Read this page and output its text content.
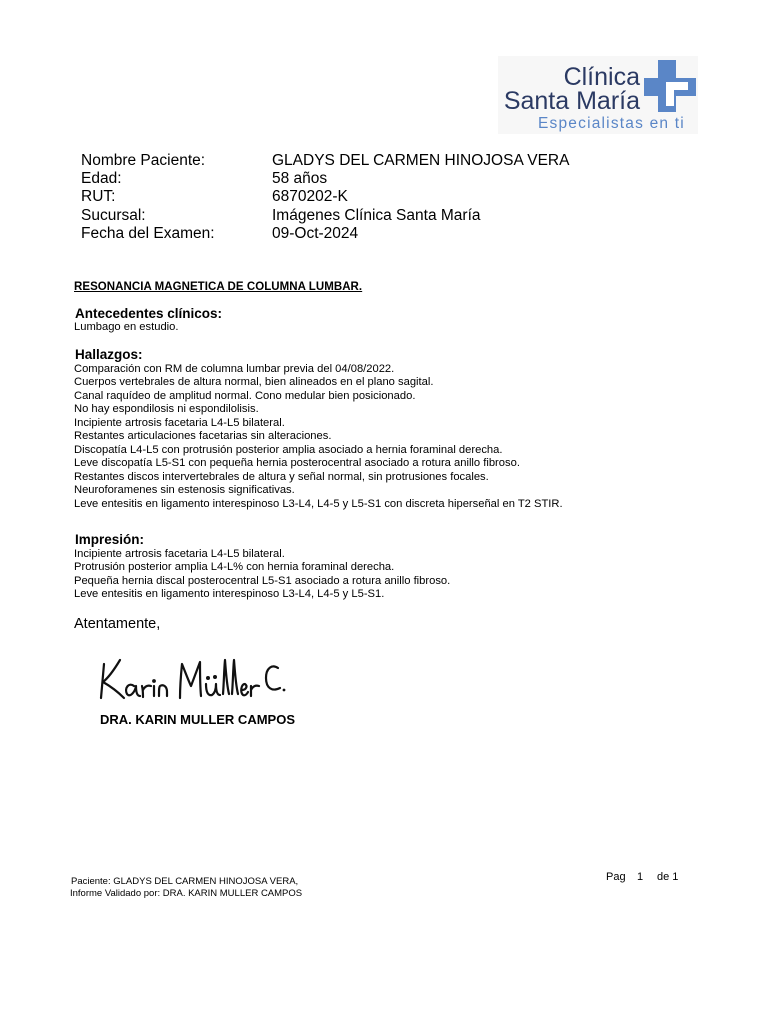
Clínica
Santa María
Especialistas en ti
Nombre Paciente:	GLADYS DEL CARMEN HINOJOSA VERA
Edad:	58 años
RUT:	6870202-K
Sucursal:	Imágenes Clínica Santa María
Fecha del Examen:	09-Oct-2024
RESONANCIA MAGNETICA DE COLUMNA LUMBAR.
Antecedentes clínicos:
Lumbago en estudio.
Hallazgos:
Comparación con RM de columna lumbar previa del 04/08/2022.
Cuerpos vertebrales de altura normal, bien alineados en el plano sagital.
Canal raquídeo de amplitud normal. Cono medular bien posicionado.
No hay espondilosis ni espondilolisis.
Incipiente artrosis facetaria L4-L5 bilateral.
Restantes articulaciones facetarias sin alteraciones.
Discopatía L4-L5 con protrusión posterior amplia asociado a hernia foraminal derecha.
Leve discopatía L5-S1 con pequeña hernia posterocentral asociado a rotura anillo fibroso.
Restantes discos intervertebrales de altura y señal normal, sin protrusiones focales.
Neuroforamenes sin estenosis significativas.
Leve entesitis en ligamento interespinoso L3-L4, L4-5 y L5-S1 con discreta hiperseñal en T2 STIR.
Impresión:
Incipiente artrosis facetaria L4-L5 bilateral.
Protrusión posterior amplia L4-L% con hernia foraminal derecha.
Pequeña hernia discal posterocentral L5-S1 asociado a rotura anillo fibroso.
Leve entesitis en ligamento interespinoso L3-L4, L4-5 y L5-S1.
Atentamente,
DRA. KARIN MULLER CAMPOS
Paciente: GLADYS DEL CARMEN HINOJOSA VERA,
Informe Validado por: DRA. KARIN MULLER CAMPOS
Pag 1 de 1
